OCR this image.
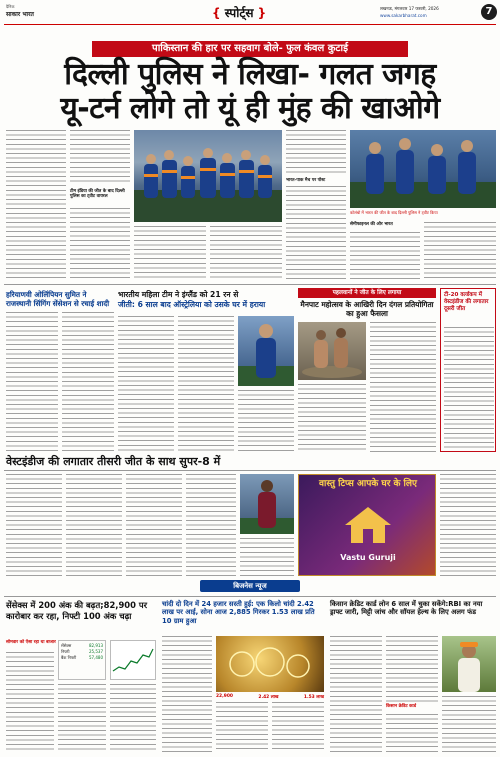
दैनिक
साकार भारत	{ स्पोर्ट्स }	लखनऊ, मंगलवार 17 फरवरी, 2026
www.sakarbharat.com	7
पाकिस्तान की हार पर सहवाग बोले- फुल कंवल कुटाई
दिल्ली पुलिस ने लिखा- गलत जगह
यू-टर्न लोगे तो यूं ही मुंह की खाओगे
टीम इंडिया की जीत के बाद दिल्ली पुलिस का ट्वीट वायरल
भारत-पाक मैच पर पोस्ट
कोलंबो में भारत की जीत के बाद दिल्ली पुलिस ने ट्वीट किया
सेमीफाइनल की ओर भारत
हरियाणवी ओलिंपियन सुमित ने राजस्थानी सिंगिंग सेंसेशन से रचाई शादी
भारतीय महिला टीम ने इंग्लैंड को 21 रन से
जीती: 6 साल बाद ऑस्ट्रेलिया को उसके घर में हराया
पहलवानों ने जीत के लिए लगाया
मैनपाट महोत्सव के आखिरी दिन दंगल प्रतियोगिता का हुआ फैसला
टी-20 वर्ल्डकप में वेस्टइंडीज की लगातार दूसरी जीत
वेस्टइंडीज की लगातार तीसरी जीत के साथ सुपर-8 में
वास्तु टिप्स आपके घर के लिए
Vastu Guruji
बिजनेस न्यूज
सेंसेक्स में 200 अंक की बढ़त;82,900 पर कारोबार कर रहा, निफ्टी 100 अंक चढ़ा
सोमवार को ऐसा रहा था बाजार
सेंसेक्स	82,913
निफ्टी	25,537
बैंक निफ्टी	57,480
चांदी दो दिन में 24 हजार सस्ती हुई: एक किलो चांदी 2.42 लाख पर आई, सोना आज 2,885 गिरकर 1.53 लाख प्रति 10 ग्राम हुआ
22,900	2.42 लाख	1.53 लाख
किसान क्रेडिट कार्ड लोन 6 साल में चुका सकेंगे:RBI का नया ड्राफ्ट जारी, मिट्टी जांच और सॉयल हेल्थ के लिए अलग फंड
किसान क्रेडिट कार्ड
